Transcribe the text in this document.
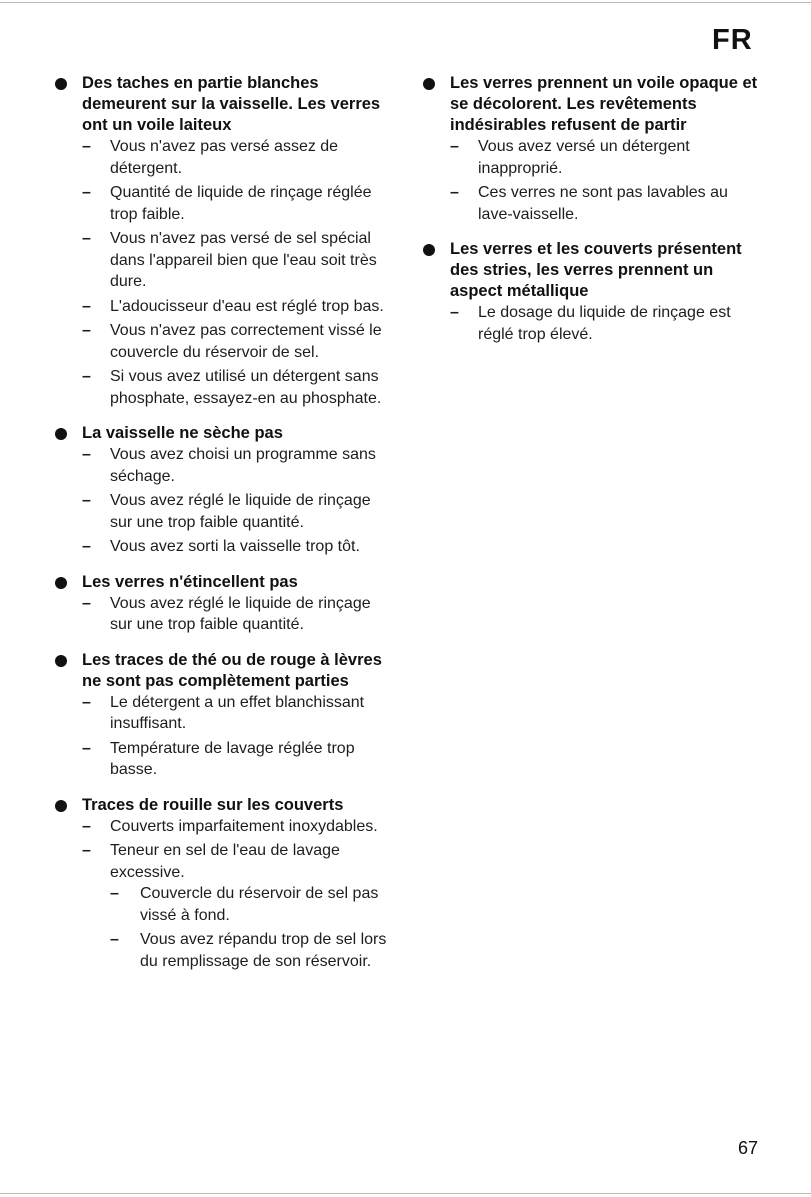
FR
Des taches en partie blanches demeurent sur la vaisselle. Les verres ont un voile laiteux
– Vous n'avez pas versé assez de détergent.
– Quantité de liquide de rinçage réglée trop faible.
– Vous n'avez pas versé de sel spécial dans l'appareil bien que l'eau soit très dure.
– L'adoucisseur d'eau est réglé trop bas.
– Vous n'avez pas correctement vissé le couvercle du réservoir de sel.
– Si vous avez utilisé un détergent sans phosphate, essayez-en au phosphate.
La vaisselle ne sèche pas
– Vous avez choisi un programme sans séchage.
– Vous avez réglé le liquide de rinçage sur une trop faible quantité.
– Vous avez sorti la vaisselle trop tôt.
Les verres n'étincellent pas
– Vous avez réglé le liquide de rinçage sur une trop faible quantité.
Les traces de thé ou de rouge à lèvres ne sont pas complètement parties
– Le détergent a un effet blanchissant insuffisant.
– Température de lavage réglée trop basse.
Traces de rouille sur les couverts
– Couverts imparfaitement inoxydables.
– Teneur en sel de l'eau de lavage excessive.
– Couvercle du réservoir de sel pas vissé à fond.
– Vous avez répandu trop de sel lors du remplissage de son réservoir.
Les verres prennent un voile opaque et se décolorent. Les revêtements indésirables refusent de partir
– Vous avez versé un détergent inapproprié.
– Ces verres ne sont pas lavables au lave-vaisselle.
Les verres et les couverts présentent des stries, les verres prennent un aspect métallique
– Le dosage du liquide de rinçage est réglé trop élevé.
67
